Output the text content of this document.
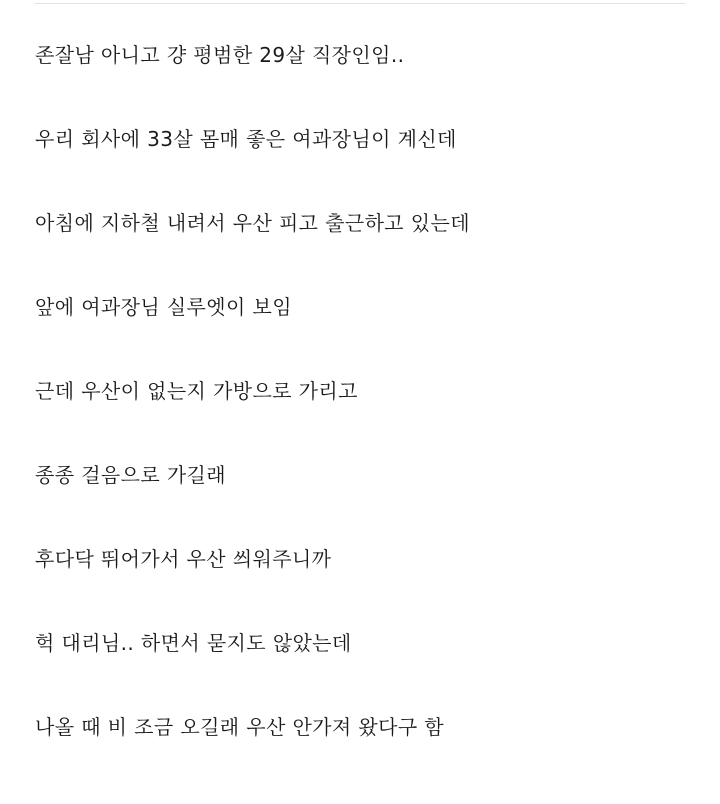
존잘남 아니고 걍 평범한 29살 직장인임..
우리 회사에 33살 몸매 좋은 여과장님이 계신데
아침에 지하철 내려서 우산 피고 출근하고 있는데
앞에 여과장님 실루엣이 보임
근데 우산이 없는지 가방으로 가리고
종종 걸음으로 가길래
후다닥 뛰어가서 우산 씌워주니까
헉 대리님.. 하면서 묻지도 않았는데
나올 때 비 조금 오길래 우산 안가져 왔다구 함
